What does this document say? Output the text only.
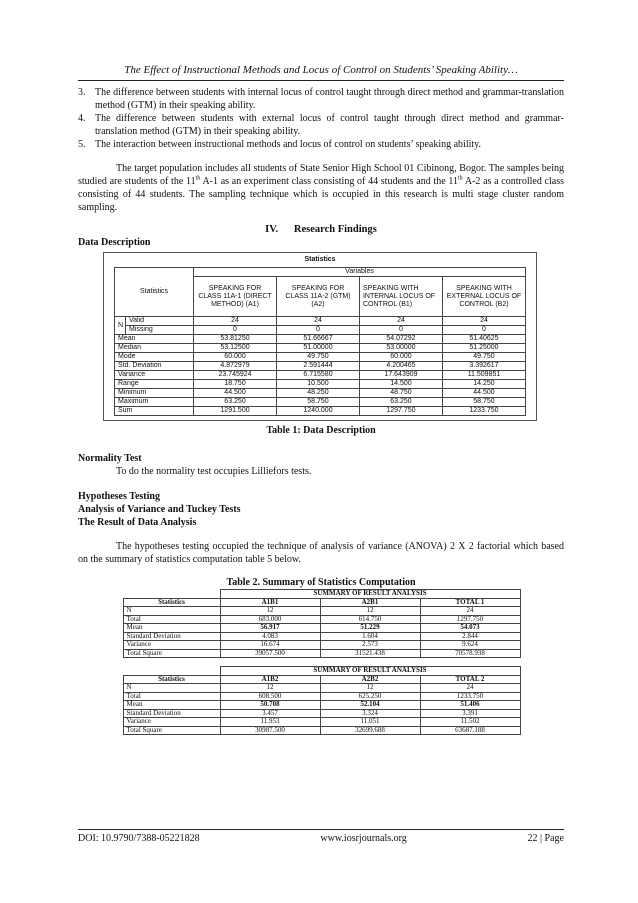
The Effect of Instructional Methods and Locus of Control on Students’ Speaking Ability…
3. The difference between students with internal locus of control taught through direct method and grammar-translation method (GTM) in their speaking ability.
4. The difference between students with external locus of control taught through direct method and grammar-translation method (GTM) in their speaking ability.
5. The interaction between instructional methods and locus of control on students’ speaking ability.

The target population includes all students of State Senior High School 01 Cibinong, Bogor. The samples being studied are students of the 11th A-1 as an experiment class consisting of 44 students and the 11th A-2 as a controlled class consisting of 44 students. The sampling technique which is occupied in this research is multi stage cluster random sampling.

IV.      Research Findings
Data Description
Statistics
Statistics		Variables			
		SPEAKING FOR CLASS 11A-1 (DIRECT METHOD) (A1)	SPEAKING FOR CLASS 11A-2 (GTM) (A2)	SPEAKING WITH INTERNAL LOCUS OF CONTROL (B1)	SPEAKING WITH EXTERNAL LOCUS OF CONTROL (B2)
N	Valid	24	24	24	24
	Missing	0	0	0	0
Mean		53.81250	51.66667	54.07292	51.40625
Median		53.12500	51.00000	53.00000	51.25000
Mode		60.000	49.750	60.000	49.750
Std. Deviation		4.872979	2.591444	4.200465	3.392617
Variance		23.745924	6.715580	17.643909	11.509851
Range		18.750	10.500	14.500	14.250
Minimum		44.500	48.250	48.750	44.500
Maximum		63.250	58.750	63.250	58.750
Sum		1291.500	1240.000	1297.750	1233.750
Table 1: Data Description
Normality Test

To do the normality test occupies Lilliefors tests.

Hypotheses Testing
Analysis of Variance and Tuckey Tests
The Result of Data Analysis

The hypotheses testing occupied the technique of analysis of variance (ANOVA) 2 X 2 factorial which based on the summary of statistics computation table 5 below.

Table 2. Summary of Statistics Computation
	SUMMARY OF RESULT ANALYSIS		
Statistics	A1B1	A2B1	TOTAL 1
N	12	12	24
Total	683.000	614.750	1297.750
Mean	56.917	51.229	54.073
Standard Deviation	4.083	1.604	2.844
Variance	16.674	2.573	9.624
Total Square	39057.500	31521.438	70578.938
	SUMMARY OF RESULT ANALYSIS		
Statistics	A1B2	A2B2	TOTAL 2
N	12	12	24
Total	608.500	625.250	1233.750
Mean	50.708	52.104	51.406
Standard Deviation	3.457	3.324	3.391
Variance	11.953	11.051	11.502
Total Square	30987.500	32699.688	63687.188
DOI: 10.9790/7388-05221828	www.iosrjournals.org	22 | Page
